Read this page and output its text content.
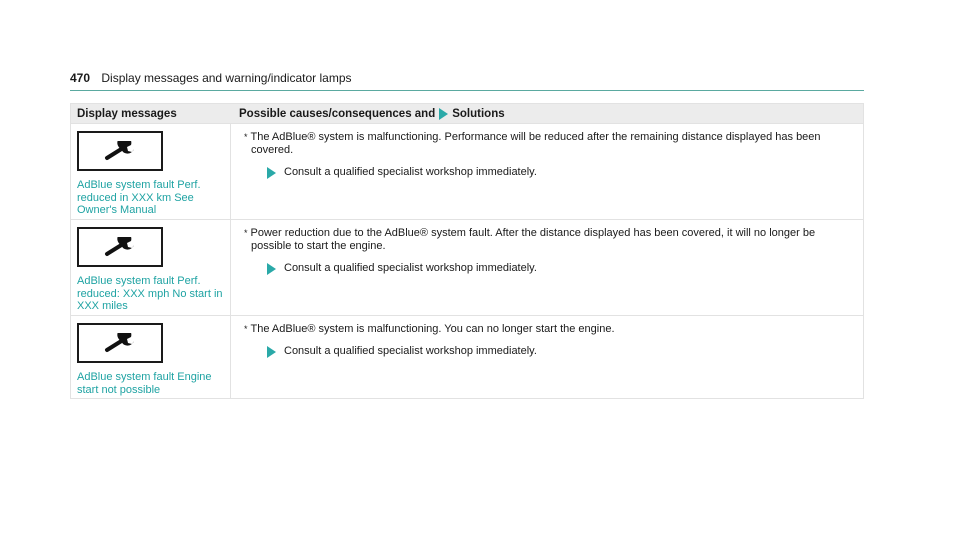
470 Display messages and warning/indicator lamps
Display messages	Possible causes/consequences and Solutions
AdBlue system fault Perf. reduced in XXX km See Owner's Manual
* The AdBlue® system is malfunctioning. Performance will be reduced after the remaining distance displayed has been covered.
Consult a qualified specialist workshop immediately.
AdBlue system fault Perf. reduced: XXX mph No start in XXX miles
* Power reduction due to the AdBlue® system fault. After the distance displayed has been covered, it will no longer be possible to start the engine.
Consult a qualified specialist workshop immediately.
AdBlue system fault Engine start not possible
* The AdBlue® system is malfunctioning. You can no longer start the engine.
Consult a qualified specialist workshop immediately.
